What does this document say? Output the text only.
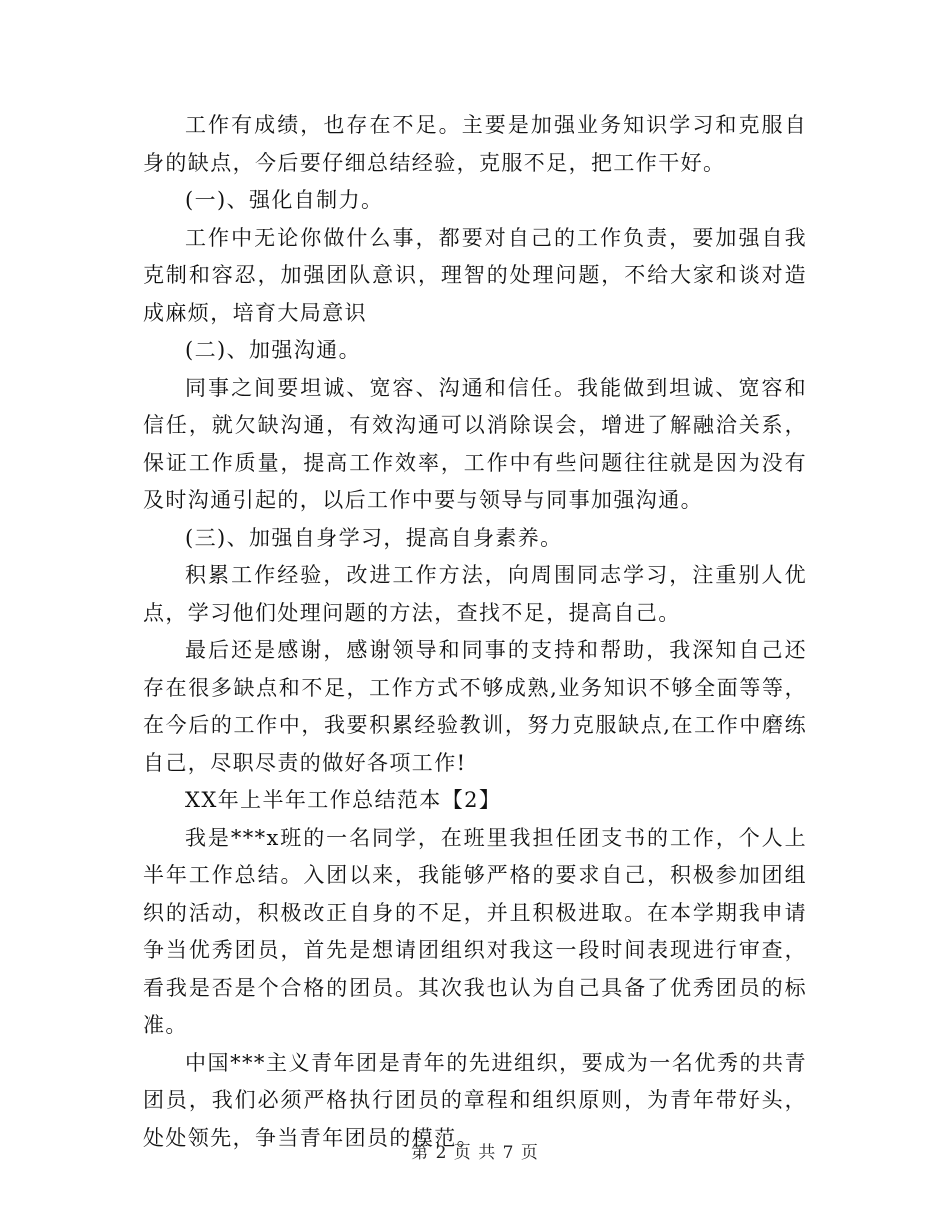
工作有成绩，也存在不足。主要是加强业务知识学习和克服自身的缺点，今后要仔细总结经验，克服不足，把工作干好。

(一)、强化自制力。

工作中无论你做什么事，都要对自己的工作负责，要加强自我克制和容忍，加强团队意识，理智的处理问题，不给大家和谈对造成麻烦，培育大局意识

(二)、加强沟通。

同事之间要坦诚、宽容、沟通和信任。我能做到坦诚、宽容和信任，就欠缺沟通，有效沟通可以消除误会，增进了解融洽关系，保证工作质量，提高工作效率，工作中有些问题往往就是因为没有及时沟通引起的，以后工作中要与领导与同事加强沟通。

(三)、加强自身学习，提高自身素养。

积累工作经验，改进工作方法，向周围同志学习，注重别人优点，学习他们处理问题的方法，查找不足，提高自己。

最后还是感谢，感谢领导和同事的支持和帮助，我深知自己还存在很多缺点和不足，工作方式不够成熟,业务知识不够全面等等，在今后的工作中，我要积累经验教训，努力克服缺点,在工作中磨练自己，尽职尽责的做好各项工作!

XX年上半年工作总结范本【2】

我是***x班的一名同学，在班里我担任团支书的工作，个人上半年工作总结。入团以来，我能够严格的要求自己，积极参加团组织的活动，积极改正自身的不足，并且积极进取。在本学期我申请争当优秀团员，首先是想请团组织对我这一段时间表现进行审查，看我是否是个合格的团员。其次我也认为自己具备了优秀团员的标准。

中国***主义青年团是青年的先进组织，要成为一名优秀的共青团员，我们必须严格执行团员的章程和组织原则，为青年带好头，处处领先，争当青年团员的模范。

第 2 页 共 7 页
